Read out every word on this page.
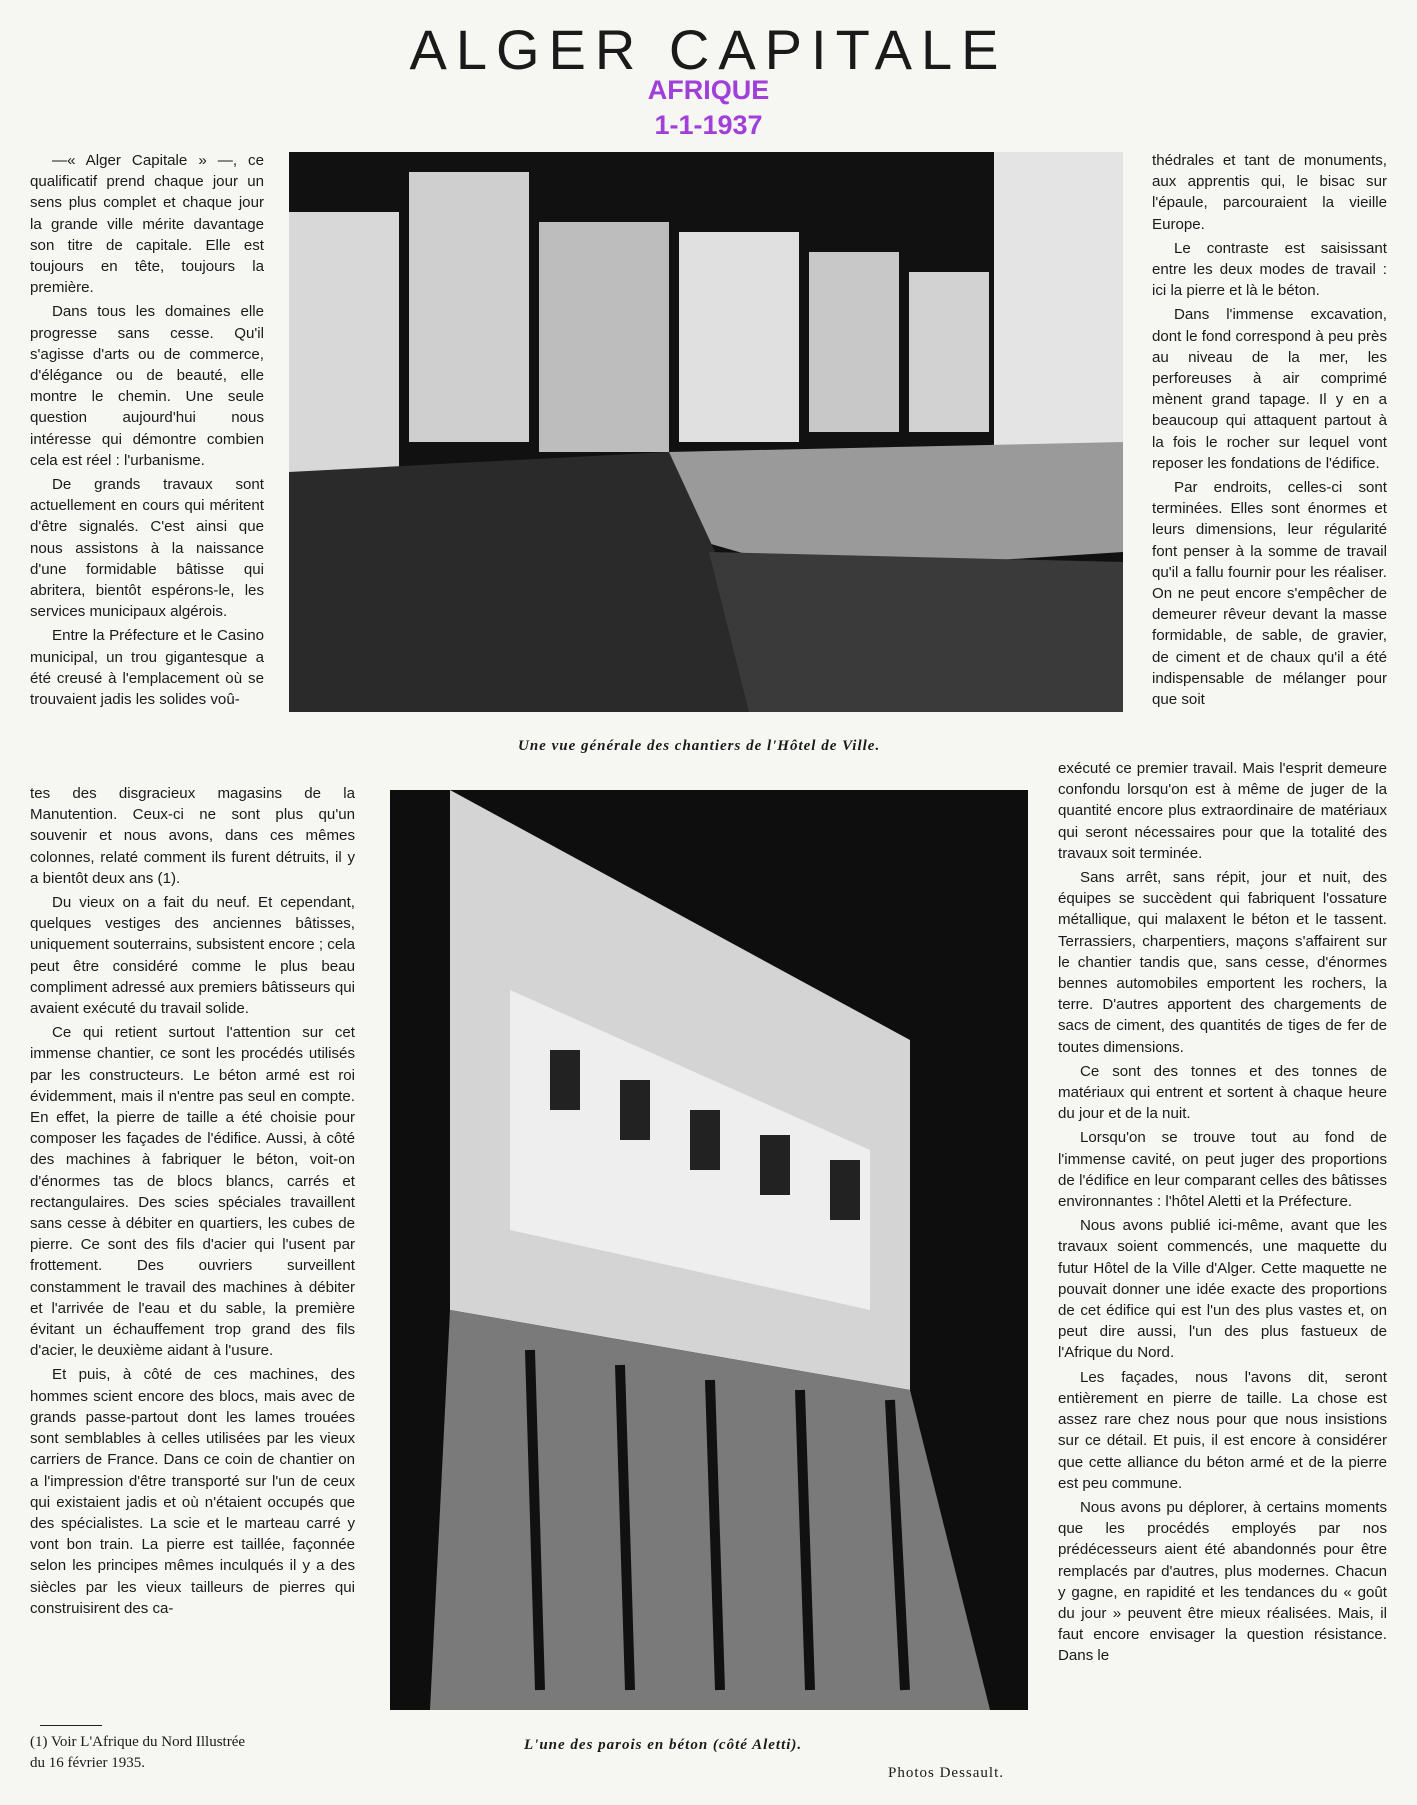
ALGER CAPITALE
AFRIQUE
1-1-1937

—« Alger Capitale » —, ce qualificatif prend chaque jour un sens plus complet et chaque jour la grande ville mérite davantage son titre de capitale. Elle est toujours en tête, toujours la première.

Dans tous les domaines elle progresse sans cesse. Qu'il s'agisse d'arts ou de commerce, d'élégance ou de beauté, elle montre le chemin. Une seule question aujourd'hui nous intéresse qui démontre combien cela est réel : l'urbanisme.

De grands travaux sont actuellement en cours qui méritent d'être signalés. C'est ainsi que nous assistons à la naissance d'une formidable bâtisse qui abritera, bientôt espérons-le, les services municipaux algérois.

Entre la Préfecture et le Casino municipal, un trou gigantesque a été creusé à l'emplacement où se trouvaient jadis les solides voû-

tes des disgracieux magasins de la Manutention. Ceux-ci ne sont plus qu'un souvenir et nous avons, dans ces mêmes colonnes, relaté comment ils furent détruits, il y a bientôt deux ans (1).

Du vieux on a fait du neuf. Et cependant, quelques vestiges des anciennes bâtisses, uniquement souterrains, subsistent encore ; cela peut être considéré comme le plus beau compliment adressé aux premiers bâtisseurs qui avaient exécuté du travail solide.

Ce qui retient surtout l'attention sur cet immense chantier, ce sont les procédés utilisés par les constructeurs. Le béton armé est roi évidemment, mais il n'entre pas seul en compte. En effet, la pierre de taille a été choisie pour composer les façades de l'édifice. Aussi, à côté des machines à fabriquer le béton, voit-on d'énormes tas de blocs blancs, carrés et rectangulaires. Des scies spéciales travaillent sans cesse à débiter en quartiers, les cubes de pierre. Ce sont des fils d'acier qui l'usent par frottement. Des ouvriers surveillent constamment le travail des machines à débiter et l'arrivée de l'eau et du sable, la première évitant un échauffement trop grand des fils d'acier, le deuxième aidant à l'usure.

Et puis, à côté de ces machines, des hommes scient encore des blocs, mais avec de grands passe-partout dont les lames trouées sont semblables à celles utilisées par les vieux carriers de France. Dans ce coin de chantier on a l'impression d'être transporté sur l'un de ceux qui existaient jadis et où n'étaient occupés que des spécialistes. La scie et le marteau carré y vont bon train. La pierre est taillée, façonnée selon les principes mêmes inculqués il y a des siècles par les vieux tailleurs de pierres qui construisirent des ca-

Une vue générale des chantiers de l'Hôtel de Ville.

thédrales et tant de monuments, aux apprentis qui, le bisac sur l'épaule, parcouraient la vieille Europe.

Le contraste est saisissant entre les deux modes de travail : ici la pierre et là le béton.

Dans l'immense excavation, dont le fond correspond à peu près au niveau de la mer, les perforeuses à air comprimé mènent grand tapage. Il y en a beaucoup qui attaquent partout à la fois le rocher sur lequel vont reposer les fondations de l'édifice.

Par endroits, celles-ci sont terminées. Elles sont énormes et leurs dimensions, leur régularité font penser à la somme de travail qu'il a fallu fournir pour les réaliser. On ne peut encore s'empêcher de demeurer rêveur devant la masse formidable, de sable, de gravier, de ciment et de chaux qu'il a été indispensable de mélanger pour que soit

exécuté ce premier travail. Mais l'esprit demeure confondu lorsqu'on est à même de juger de la quantité encore plus extraordinaire de matériaux qui seront nécessaires pour que la totalité des travaux soit terminée.

Sans arrêt, sans répit, jour et nuit, des équipes se succèdent qui fabriquent l'ossature métallique, qui malaxent le béton et le tassent. Terrassiers, charpentiers, maçons s'affairent sur le chantier tandis que, sans cesse, d'énormes bennes automobiles emportent les rochers, la terre. D'autres apportent des chargements de sacs de ciment, des quantités de tiges de fer de toutes dimensions.

Ce sont des tonnes et des tonnes de matériaux qui entrent et sortent à chaque heure du jour et de la nuit.

Lorsqu'on se trouve tout au fond de l'immense cavité, on peut juger des proportions de l'édifice en leur comparant celles des bâtisses environnantes : l'hôtel Aletti et la Préfecture.

Nous avons publié ici-même, avant que les travaux soient commencés, une maquette du futur Hôtel de la Ville d'Alger. Cette maquette ne pouvait donner une idée exacte des proportions de cet édifice qui est l'un des plus vastes et, on peut dire aussi, l'un des plus fastueux de l'Afrique du Nord.

Les façades, nous l'avons dit, seront entièrement en pierre de taille. La chose est assez rare chez nous pour que nous insistions sur ce détail. Et puis, il est encore à considérer que cette alliance du béton armé et de la pierre est peu commune.

Nous avons pu déplorer, à certains moments que les procédés employés par nos prédécesseurs aient été abandonnés pour être remplacés par d'autres, plus modernes. Chacun y gagne, en rapidité et les tendances du « goût du jour » peuvent être mieux réalisées. Mais, il faut encore envisager la question résistance. Dans le

L'une des parois en béton (côté Aletti).
Photos Dessault.
(1) Voir L'Afrique du Nord Illustrée
du 16 février 1935.
